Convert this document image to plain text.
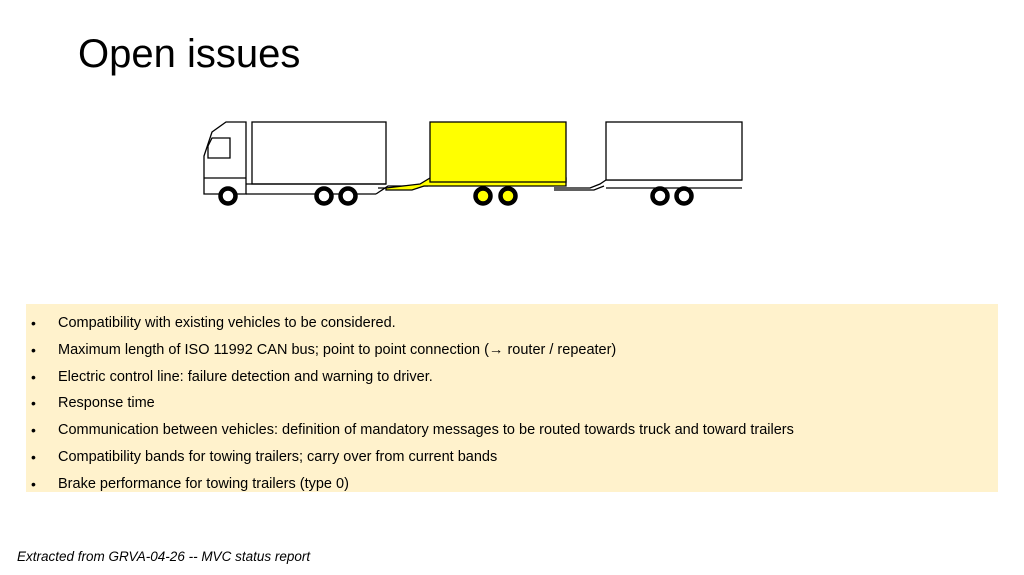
Open issues
• Compatibility with existing vehicles to be considered.
• Maximum length of ISO 11992 CAN bus; point to point connection (→ router / repeater)
• Electric control line: failure detection and warning to driver.
• Response time
• Communication between vehicles: definition of mandatory messages to be routed towards truck and toward trailers
• Compatibility bands for towing trailers; carry over from current bands
• Brake performance for towing trailers (type 0)
Extracted from GRVA-04-26 -- MVC status report
